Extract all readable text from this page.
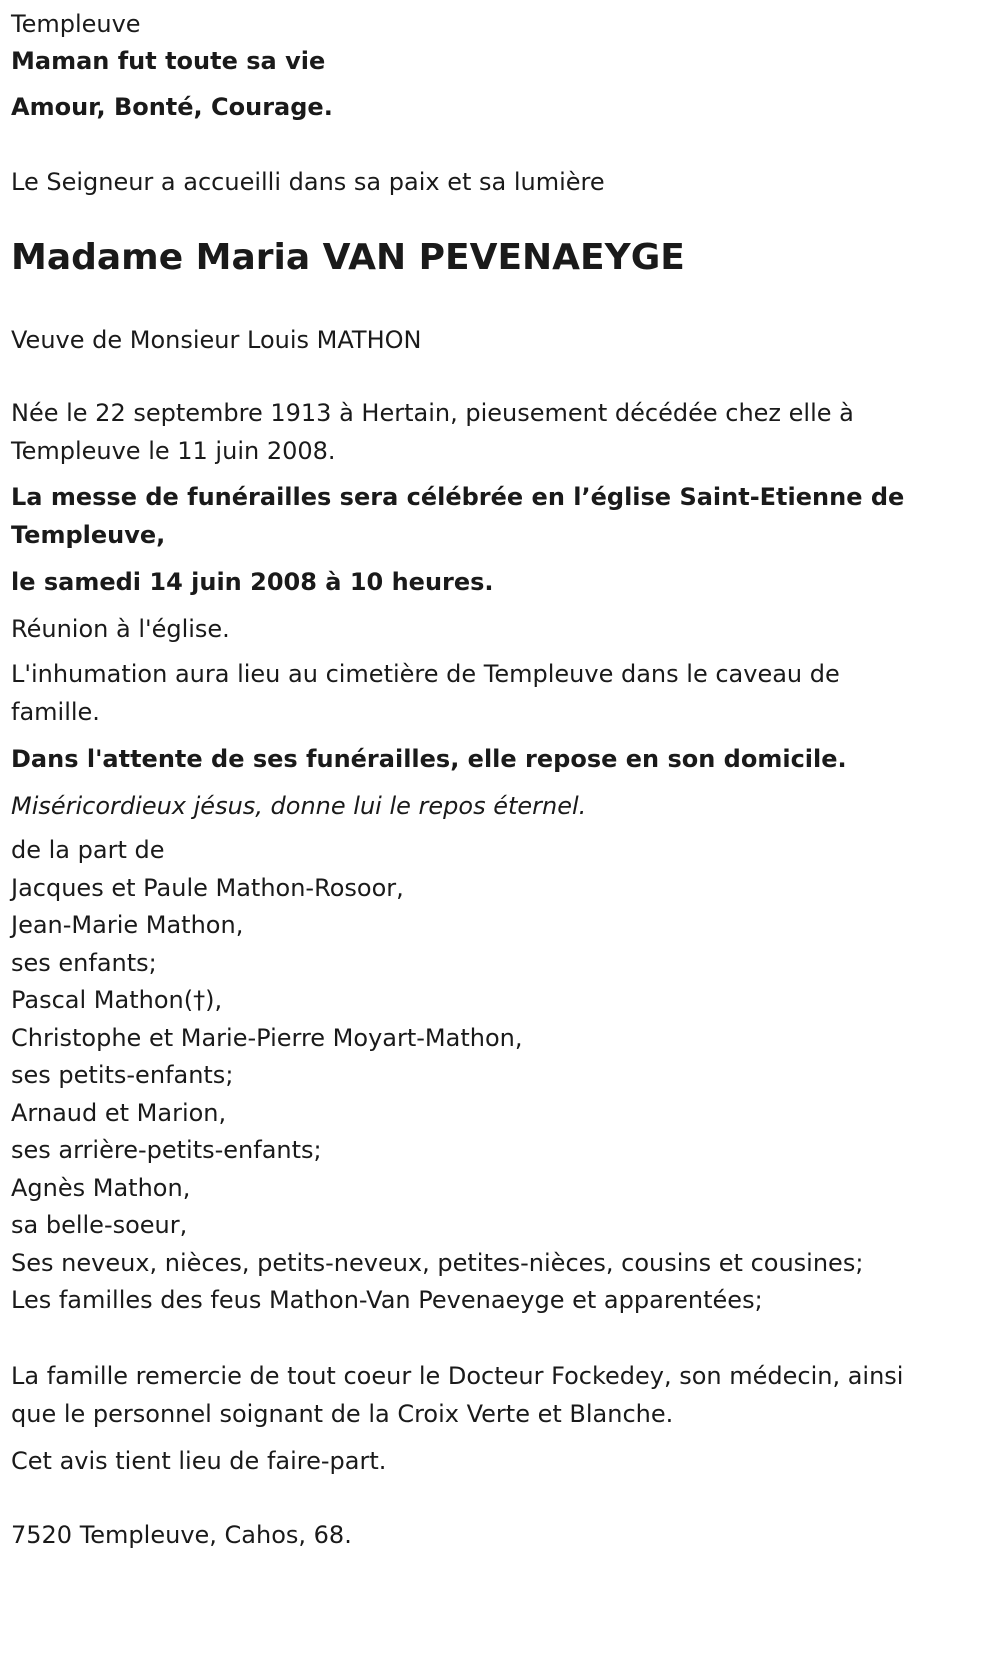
Templeuve

Maman fut toute sa vie

Amour, Bonté, Courage.

Le Seigneur a accueilli dans sa paix et sa lumière

Madame Maria VAN PEVENAEYGE

Veuve de Monsieur Louis MATHON

Née le 22 septembre 1913 à Hertain, pieusement décédée chez elle à Templeuve le 11 juin 2008.

La messe de funérailles sera célébrée en l’église Saint-Etienne de Templeuve,

le samedi 14 juin 2008 à 10 heures.

Réunion à l'église.

L'inhumation aura lieu au cimetière de Templeuve dans le caveau de famille.

Dans l'attente de ses funérailles, elle repose en son domicile.

Miséricordieux jésus, donne lui le repos éternel.

de la part de

Jacques et Paule Mathon-Rosoor,

Jean-Marie Mathon,

ses enfants;

Pascal Mathon(†),

Christophe et Marie-Pierre Moyart-Mathon,

ses petits-enfants;

Arnaud et Marion,

ses arrière-petits-enfants;

Agnès Mathon,

sa belle-soeur,

Ses neveux, nièces, petits-neveux, petites-nièces, cousins et cousines;

Les familles des feus Mathon-Van Pevenaeyge et apparentées;

La famille remercie de tout coeur le Docteur Fockedey, son médecin, ainsi que le personnel soignant de la Croix Verte et Blanche.

Cet avis tient lieu de faire-part.

7520 Templeuve, Cahos, 68.
